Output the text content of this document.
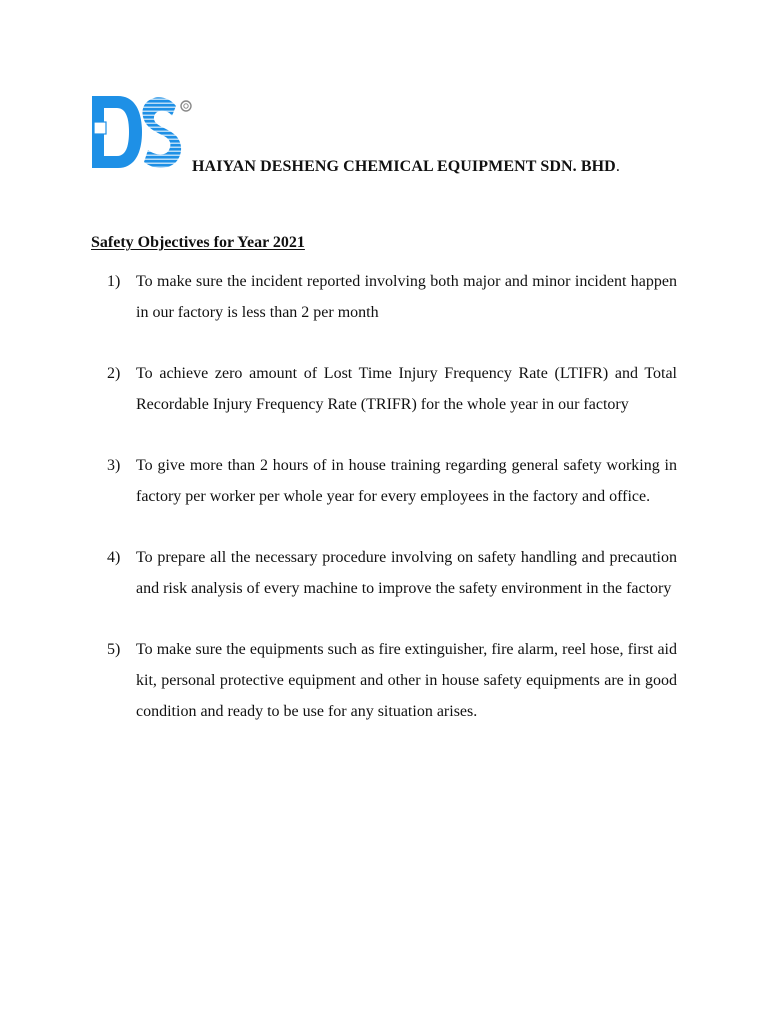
HAIYAN DESHENG CHEMICAL EQUIPMENT SDN. BHD.
Safety Objectives for Year 2021
1) To make sure the incident reported involving both major and minor incident happen in our factory is less than 2 per month
2) To achieve zero amount of Lost Time Injury Frequency Rate (LTIFR) and Total Recordable Injury Frequency Rate (TRIFR) for the whole year in our factory
3) To give more than 2 hours of in house training regarding general safety working in factory per worker per whole year for every employees in the factory and office.
4) To prepare all the necessary procedure involving on safety handling and precaution and risk analysis of every machine to improve the safety environment in the factory
5) To make sure the equipments such as fire extinguisher, fire alarm, reel hose, first aid kit, personal protective equipment and other in house safety equipments are in good condition and ready to be use for any situation arises.
